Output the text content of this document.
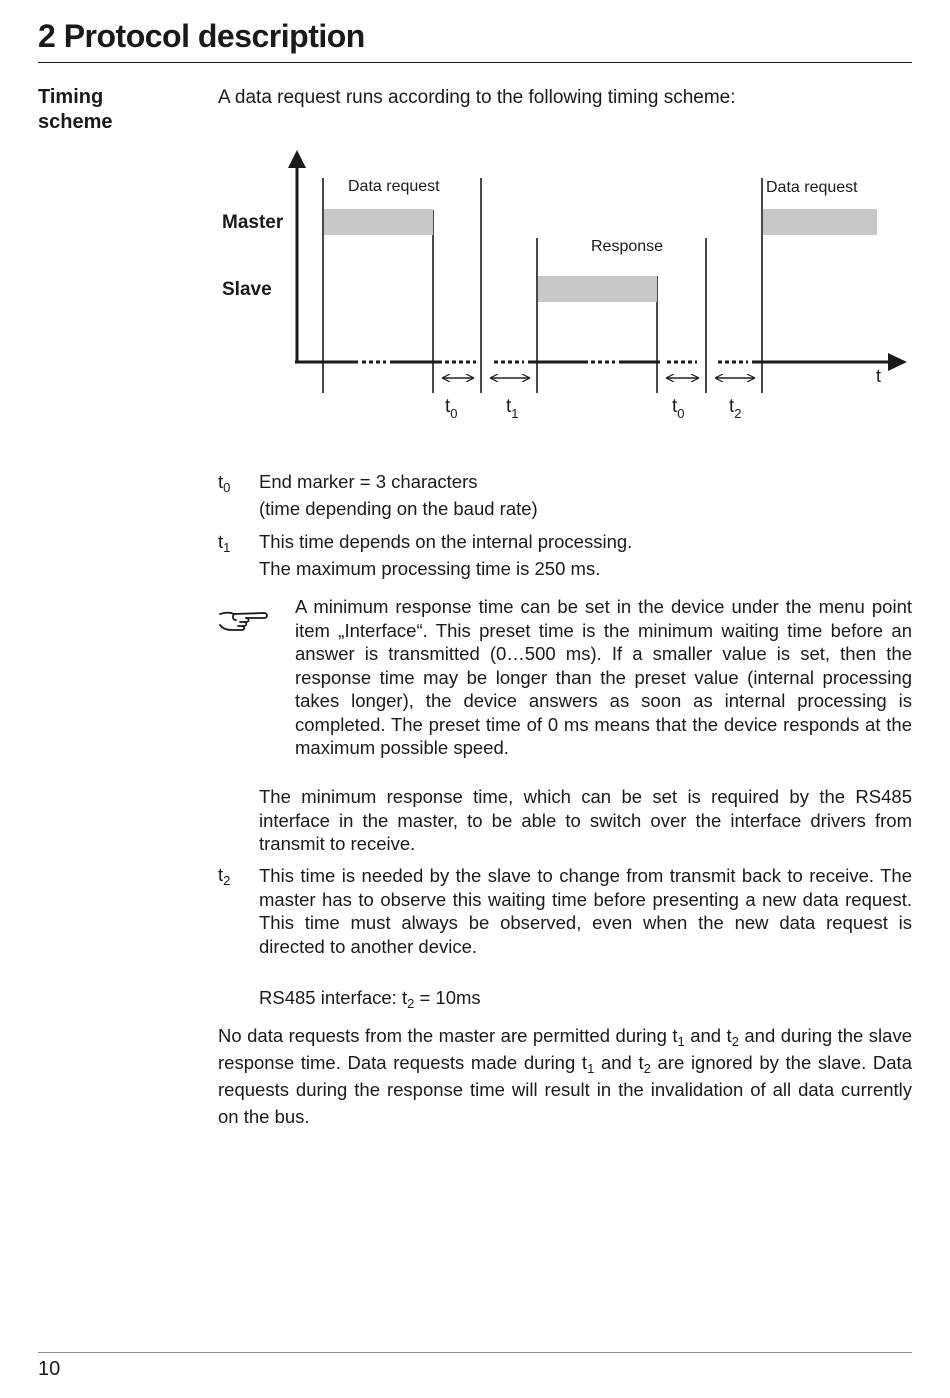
2 Protocol description
Timing
scheme
A data request runs according to the following timing scheme:
Master
Slave
Data request	Data request
Response
t
$t_0$	$t_1$	$t_0$ $t_2$
$t_0$ End marker = 3 characters
(time depending on the baud rate)
$t_1$ This time depends on the internal processing.
The maximum processing time is 250 ms.
A minimum response time can be set in the device under the menu point item „Interface“. This preset time is the minimum waiting time before an answer is transmitted (0…500 ms). If a smaller value is set, then the response time may be longer than the preset value (internal processing takes longer), the device answers as soon as internal processing is completed. The preset time of 0 ms means that the device responds at the maximum possible speed.
The minimum response time, which can be set is required by the RS485 interface in the master, to be able to switch over the interface drivers from transmit to receive.
$t_2$ This time is needed by the slave to change from transmit back to receive. The master has to observe this waiting time before presenting a new data request. This time must always be observed, even when the new data request is directed to another device.
RS485 interface: $t_2 = 10ms$
No data requests from the master are permitted during $t_1$ and $t_2$ and during the slave response time. Data requests made during $t_1$ and $t_2$ are ignored by the slave. Data requests during the response time will result in the invalidation of all data currently on the bus.
10
